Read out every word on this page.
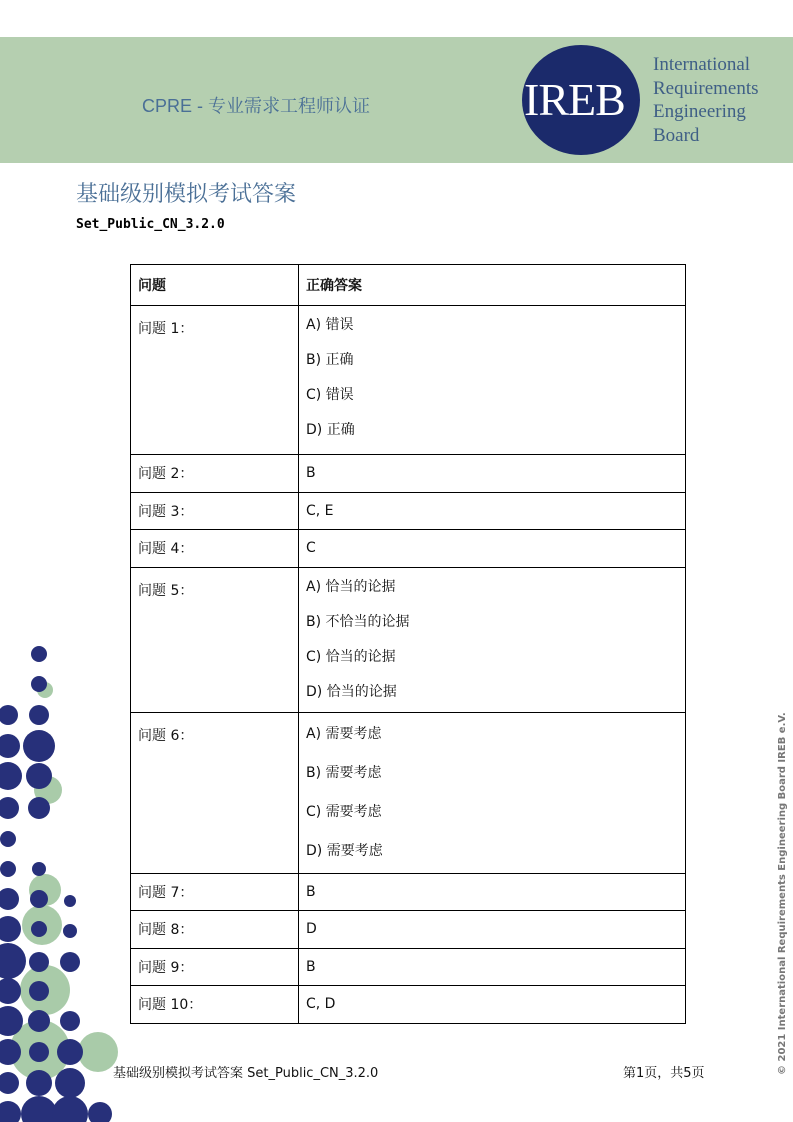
CPRE - 专业需求工程师认证	IREB
International
Requirements
Engineering
Board
基础级别模拟考试答案
Set_Public_CN_3.2.0
问题	正确答案
问题 1：	A) 错误
B) 正确
C) 错误
D) 正确

问题 2：	B
问题 3：	C, E
问题 4：	C
问题 5：	A) 恰当的论据
B) 不恰当的论据
C) 恰当的论据
D) 恰当的论据

问题 6：	A) 需要考虑
B) 需要考虑
C) 需要考虑
D) 需要考虑

问题 7：	B
问题 8：	D
问题 9：	B
问题 10：	C, D
基础级别模拟考试答案 Set_Public_CN_3.2.0	第1页，共5页	© 2021 International Requirements Engineering Board IREB e.V.
